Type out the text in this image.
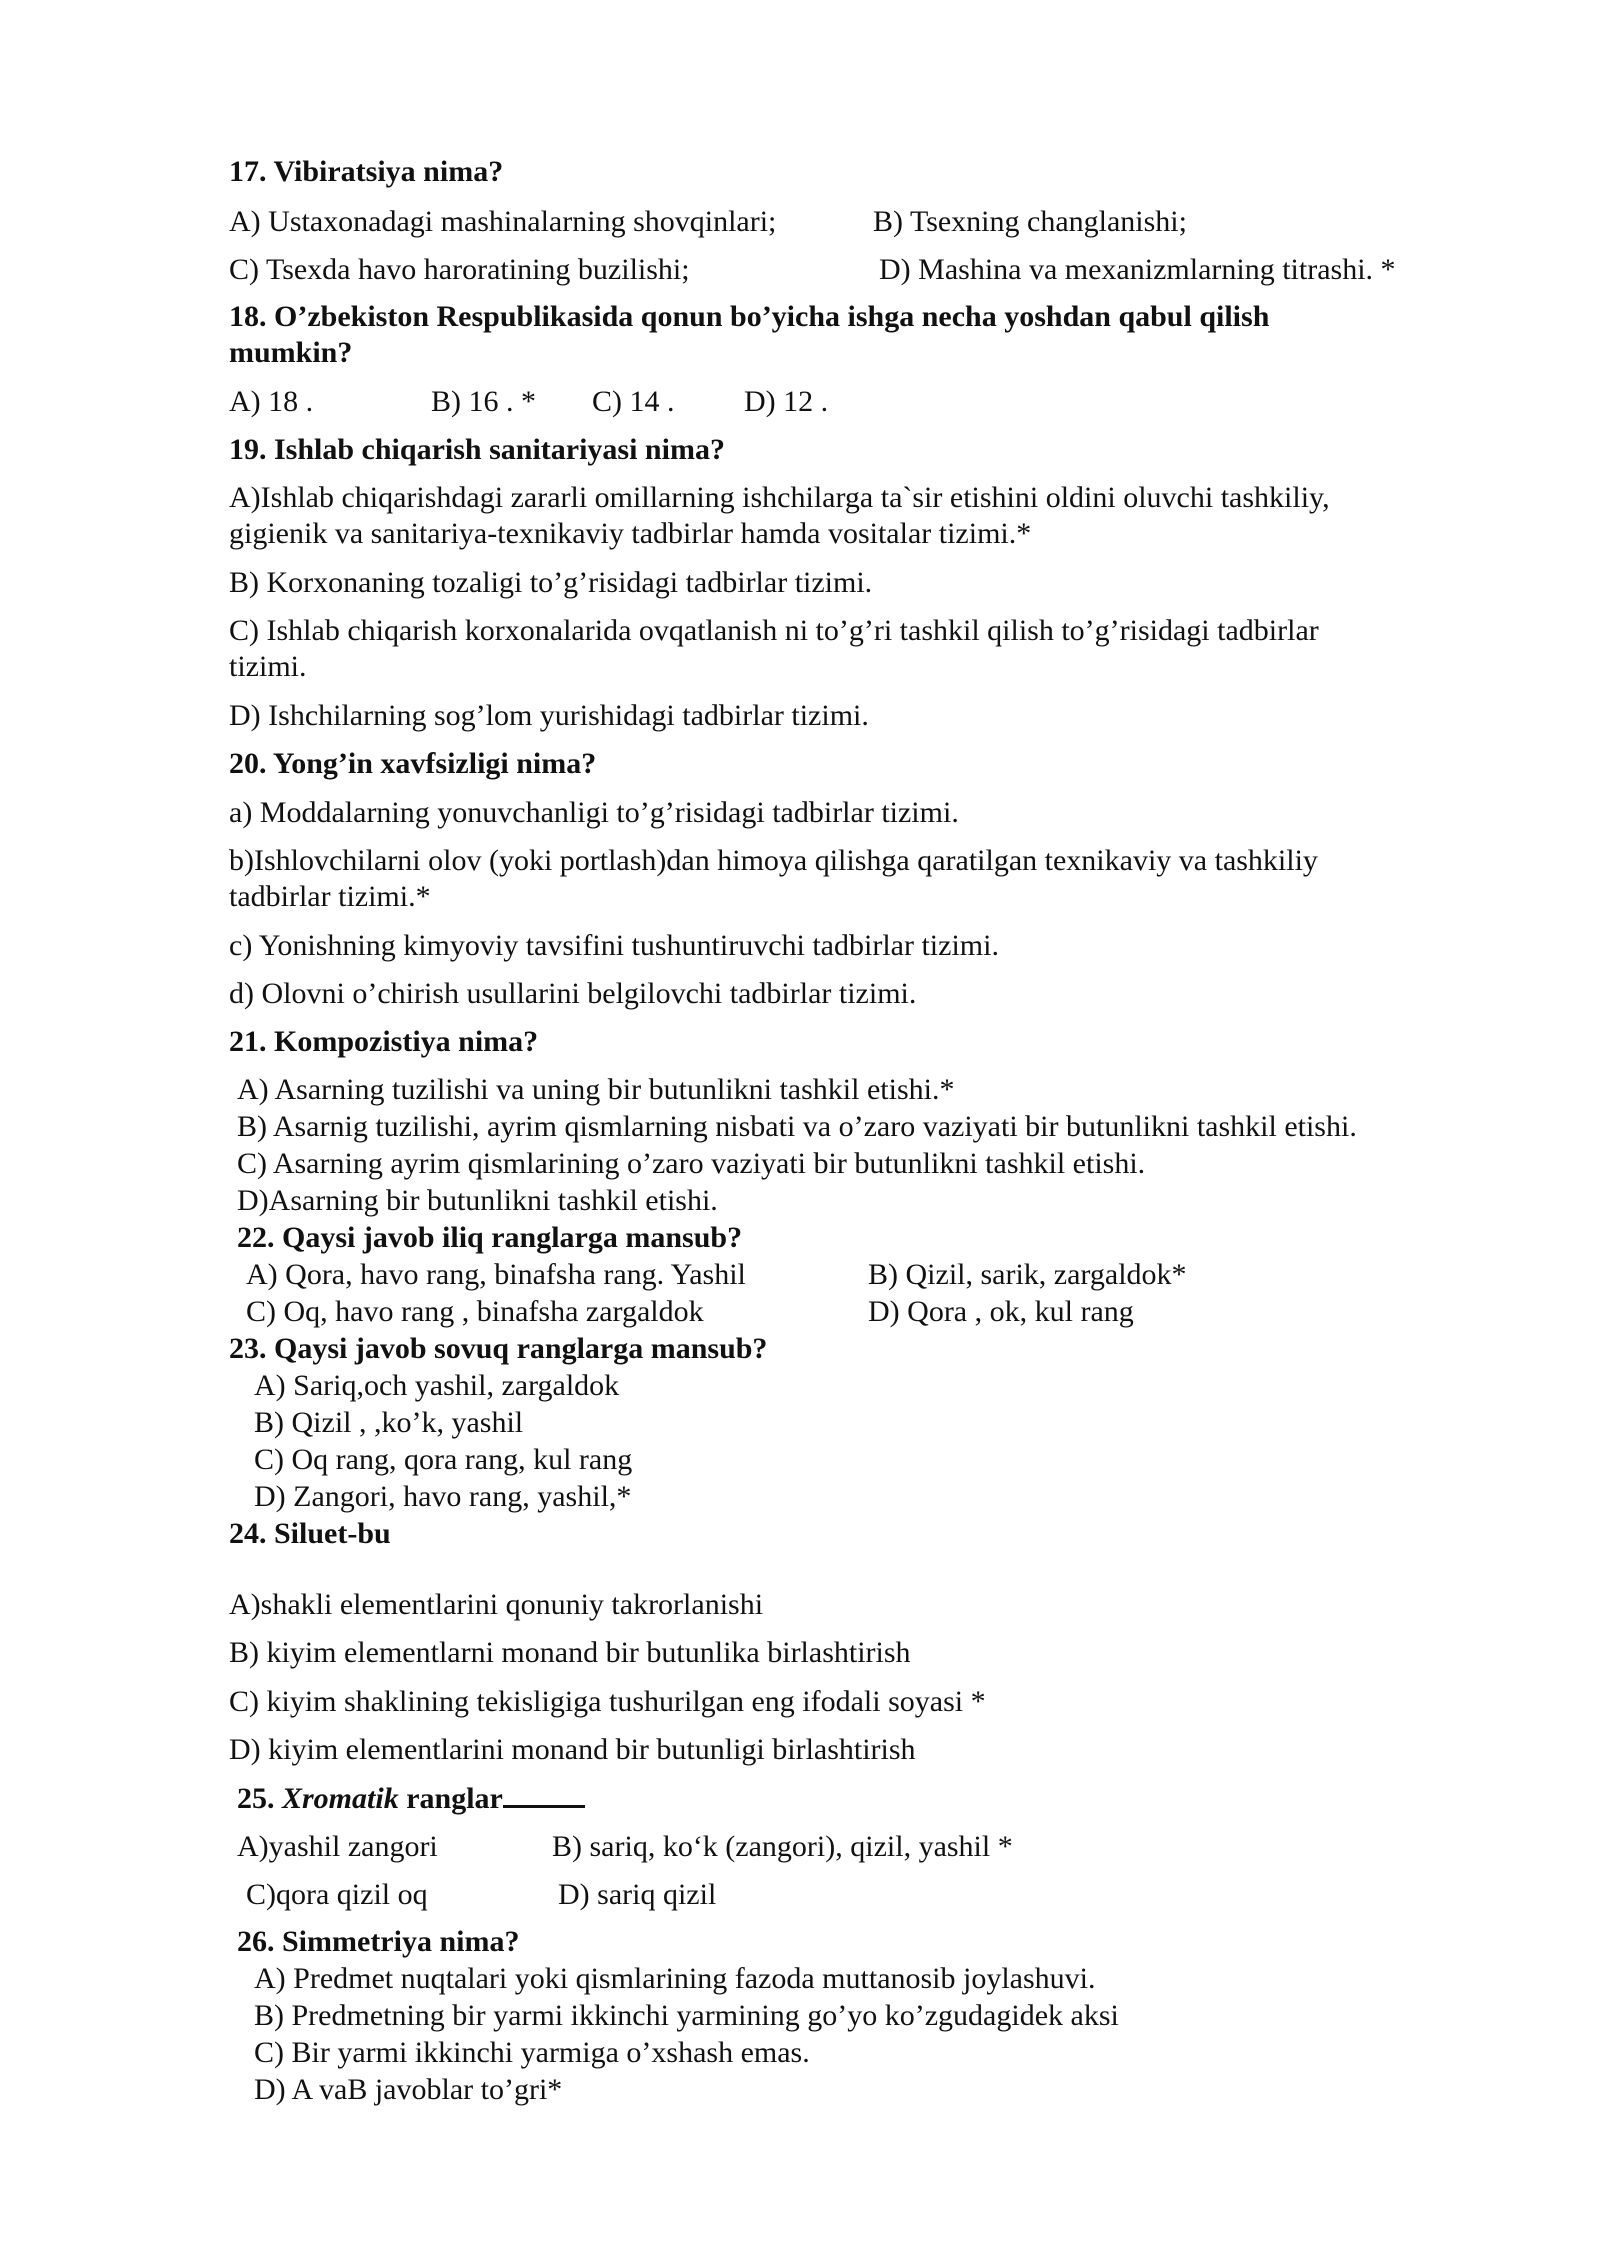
17. Vibiratsiya nima?
A) Ustaxonadagi mashinalarning shovqinlari;	B) Tsexning changlanishi;
C) Tsexda havo haroratining buzilishi;	D) Mashina va mexanizmlarning titrashi. *
18. O’zbekiston Respublikasida qonun bo’yicha ishga necha yoshdan qabul qilish
mumkin?
A) 18 .	B) 16 . * C) 14 . D) 12 .
19. Ishlab chiqarish sanitariyasi nima?
A)Ishlab chiqarishdagi zararli omillarning ishchilarga ta`sir etishini oldini oluvchi tashkiliy,
gigienik va sanitariya-texnikaviy tadbirlar hamda vositalar tizimi.*
B) Korxonaning tozaligi to’g’risidagi tadbirlar tizimi.
C) Ishlab chiqarish korxonalarida ovqatlanish ni to’g’ri tashkil qilish to’g’risidagi tadbirlar
tizimi.
D) Ishchilarning sog’lom yurishidagi tadbirlar tizimi.
20. Yong’in xavfsizligi nima?
a) Moddalarning yonuvchanligi to’g’risidagi tadbirlar tizimi.
b)Ishlovchilarni olov (yoki portlash)dan himoya qilishga qaratilgan texnikaviy va tashkiliy
tadbirlar tizimi.*
c) Yonishning kimyoviy tavsifini tushuntiruvchi tadbirlar tizimi.
d) Olovni o’chirish usullarini belgilovchi tadbirlar tizimi.
21. Kompozistiya nima?
A) Asarning tuzilishi va uning bir butunlikni tashkil etishi.*
B) Asarnig tuzilishi, ayrim qismlarning nisbati va o’zaro vaziyati bir butunlikni tashkil etishi.
C) Asarning ayrim qismlarining o’zaro vaziyati bir butunlikni tashkil etishi.
D)Asarning bir butunlikni tashkil etishi.
22. Qaysi javob iliq ranglarga mansub?
A) Qora, havo rang, binafsha rang. Yashil	B) Qizil, sarik, zargaldok*
C) Oq, havo rang , binafsha zargaldok	D) Qora , ok, kul rang
23. Qaysi javob sovuq ranglarga mansub?
A) Sariq,och yashil, zargaldok
B) Qizil , ,ko’k, yashil
C) Oq rang, qora rang, kul rang
D) Zangori, havo rang, yashil,*
24. Siluet-bu
A)shakli elementlarini qonuniy takrorlanishi
B) kiyim elementlarni monand bir butunlika birlashtirish
C) kiyim shaklining tekisligiga tushurilgan eng ifodali soyasi *
D) kiyim elementlarini monand bir butunligi birlashtirish
25. Xromatik ranglar
A)yashil zangori	B) sariq, ko‘k (zangori), qizil, yashil *
C)qora qizil oq	D) sariq qizil
26. Simmetriya nima?
A) Predmet nuqtalari yoki qismlarining fazoda muttanosib joylashuvi.
B) Predmetning bir yarmi ikkinchi yarmining go’yo ko’zgudagidek aksi
C) Bir yarmi ikkinchi yarmiga o’xshash emas.
D) A vaB javoblar to’gri*
